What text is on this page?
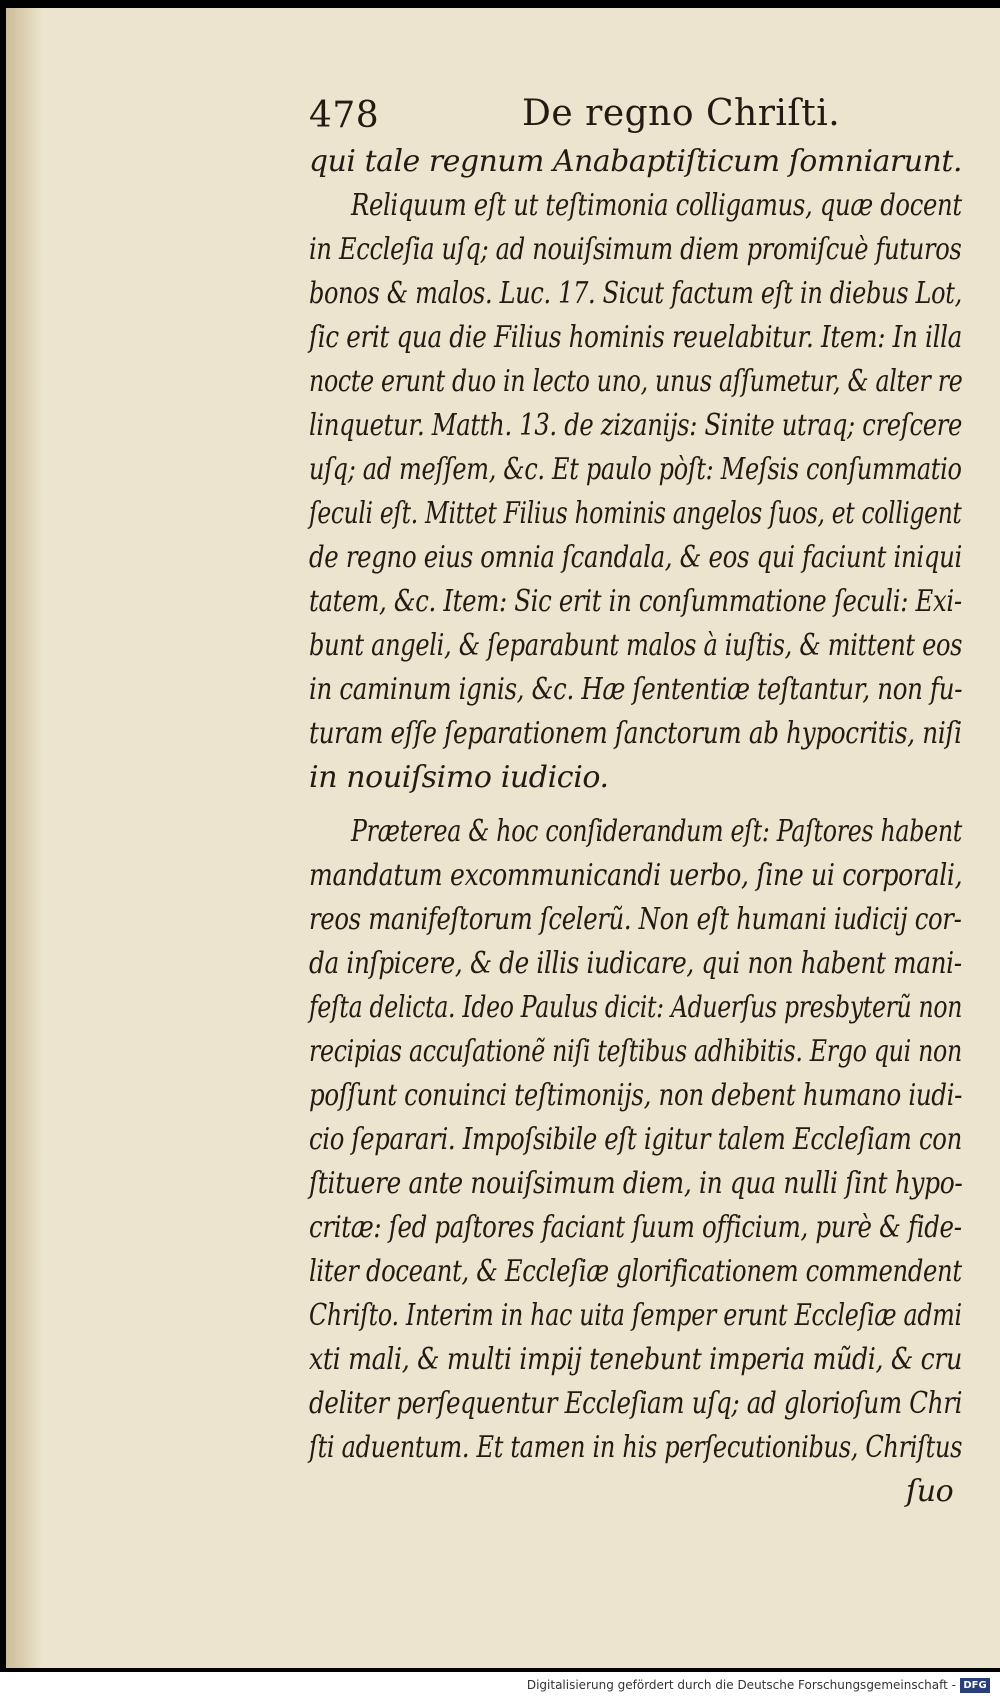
478	De regno Chriſti.
qui tale regnum Anabaptiſticum ſomniarunt.
Reliquum eſt ut teſtimonia colligamus, quæ docent
in Eccleſia uſq; ad nouiſsimum diem promiſcuè futuros
bonos & malos. Luc. 17. Sicut factum eſt in diebus Lot,
ſic erit qua die Filius hominis reuelabitur. Item: In illa
nocte erunt duo in lecto uno, unus aſſumetur, & alter re
linquetur. Matth. 13. de zizanijs: Sinite utraq; creſcere
uſq; ad meſſem, &c. Et paulo pòſt: Meſsis conſummatio
ſeculi eſt. Mittet Filius hominis angelos ſuos, et colligent
de regno eius omnia ſcandala, & eos qui faciunt iniqui
tatem, &c. Item: Sic erit in conſummatione ſeculi: Exi-
bunt angeli, & ſeparabunt malos à iuſtis, & mittent eos
in caminum ignis, &c. Hæ ſententiæ teſtantur, non fu-
turam eſſe ſeparationem ſanctorum ab hypocritis, niſi
in nouiſsimo iudicio.
Præterea & hoc conſiderandum eſt: Paſtores habent
mandatum excommunicandi uerbo, ſine ui corporali,
reos manifeſtorum ſcelerũ. Non eſt humani iudicij cor-
da inſpicere, & de illis iudicare, qui non habent mani-
feſta delicta. Ideo Paulus dicit: Aduerſus presbyterũ non
recipias accuſationẽ niſi teſtibus adhibitis. Ergo qui non
poſſunt conuinci teſtimonijs, non debent humano iudi-
cio ſeparari. Impoſsibile eſt igitur talem Eccleſiam con
ſtituere ante nouiſsimum diem, in qua nulli ſint hypo-
critæ: ſed paſtores faciant ſuum officium, purè & fide-
liter doceant, & Eccleſiæ glorificationem commendent
Chriſto. Interim in hac uita ſemper erunt Eccleſiæ admi
xti mali, & multi impij tenebunt imperia mũdi, & cru
deliter perſequentur Eccleſiam uſq; ad glorioſum Chri
ſti aduentum. Et tamen in his perſecutionibus, Chriſtus
ſuo
Digitalisierung gefördert durch die Deutsche Forschungsgemeinschaft - DFG
